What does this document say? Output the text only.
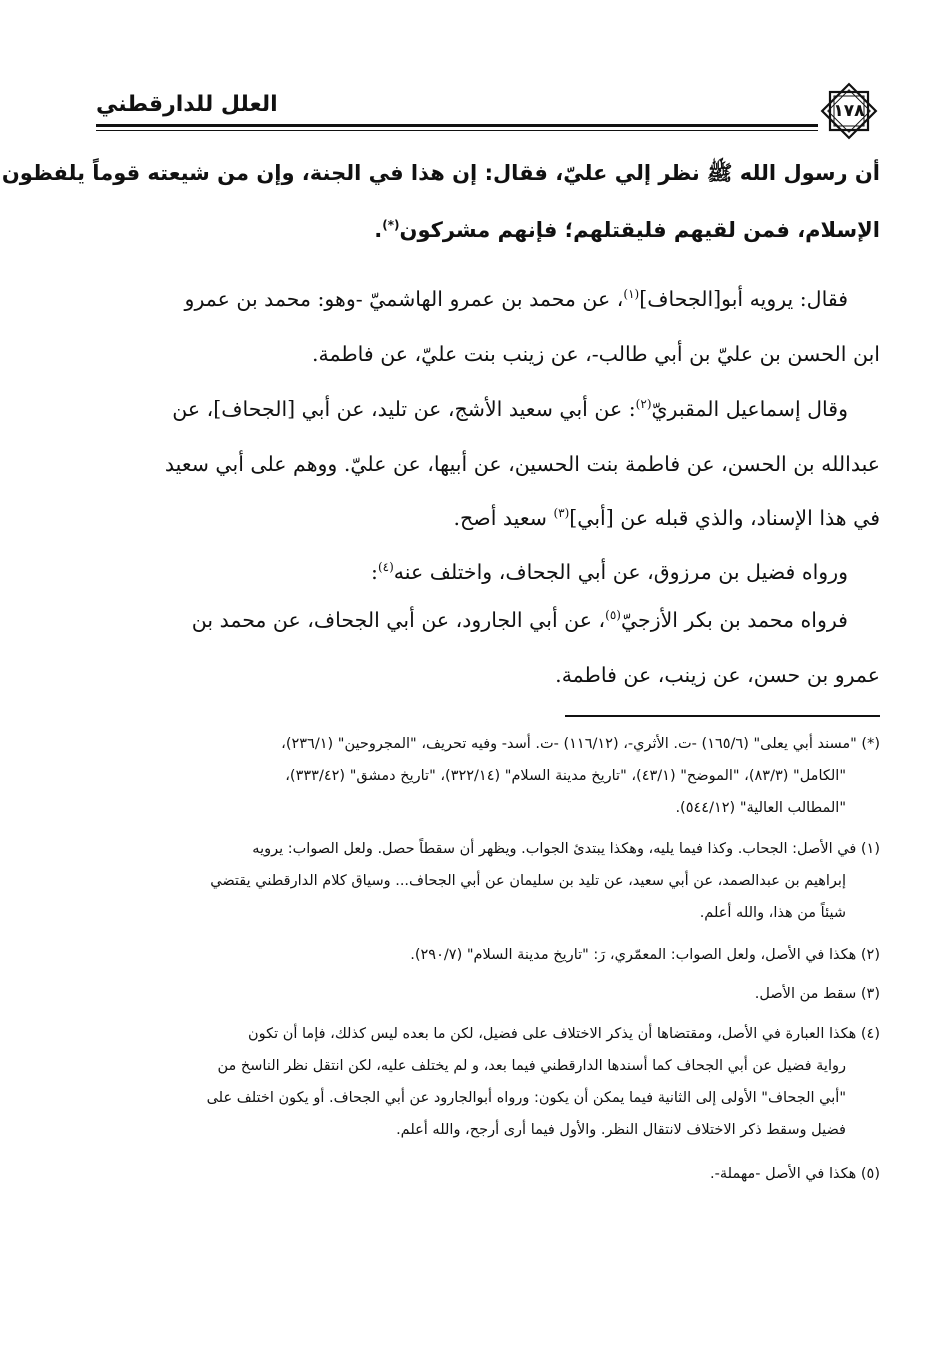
العلل للدارقطني	١٧٨
أن رسول الله ﷺ نظر إلي عليّ، فقال: إن هذا في الجنة، وإن من شيعته قوماً يلفظون
الإسلام، فمن لقيهم فليقتلهم؛ فإنهم مشركون(*).
فقال: يرويه أبو[الجحاف]$^{(١)}$، عن محمد بن عمرو الهاشميّ -وهو: محمد بن عمرو
ابن الحسن بن عليّ بن أبي طالب-، عن زينب بنت عليّ، عن فاطمة.
وقال إسماعيل المقبريّ$^{(٢)}$: عن أبي سعيد الأشج، عن تليد، عن أبي [الجحاف]، عن
عبدالله بن الحسن، عن فاطمة بنت الحسين، عن أبيها، عن عليّ. ووهم على أبي سعيد
في هذا الإسناد، والذي قبله عن [أبي]$^{(٣)}$ سعيد أصح.
ورواه فضيل بن مرزوق، عن أبي الجحاف، واختلف عنه$^{(٤)}$:
فرواه محمد بن بكر الأزجيّ$^{(٥)}$، عن أبي الجارود، عن أبي الجحاف، عن محمد بن
عمرو بن حسن، عن زينب، عن فاطمة.
(*) "مسند أبي يعلى" (١٦٥/٦) -ت. الأثري-، (١١٦/١٢) -ت. أسد- وفيه تحريف، "المجروحين" (٢٣٦/١)،
"الكامل" (٨٣/٣)، "الموضح" (٤٣/١)، "تاريخ مدينة السلام" (٣٢٢/١٤)، "تاريخ دمشق" (٣٣٣/٤٢)،
"المطالب العالية" (٥٤٤/١٢).
(١) في الأصل: الجحاب. وكذا فيما يليه، وهكذا يبتدئ الجواب. ويظهر أن سقطاً حصل. ولعل الصواب: يرويه
إبراهيم بن عبدالصمد، عن أبي سعيد، عن تليد بن سليمان عن أبي الجحاف... وسياق كلام الدارقطني يقتضي
شيئاً من هذا، والله أعلم.
(٢) هكذا في الأصل، ولعل الصواب: المعمّري، رَ: "تاريخ مدينة السلام" (٢٩٠/٧).
(٣) سقط من الأصل.
(٤) هكذا العبارة في الأصل، ومقتضاها أن يذكر الاختلاف على فضيل، لكن ما بعده ليس كذلك، فإما أن تكون
رواية فضيل عن أبي الجحاف كما أسندها الدارقطني فيما بعد، و لم يختلف عليه، لكن انتقل نظر الناسخ من
"أبي الجحاف" الأولى إلى الثانية فيما يمكن أن يكون: ورواه أبوالجارود عن أبي الجحاف. أو يكون اختلف على
فضيل وسقط ذكر الاختلاف لانتقال النظر. والأول فيما أرى أرجح، والله أعلم.
(٥) هكذا في الأصل -مهملة-.
